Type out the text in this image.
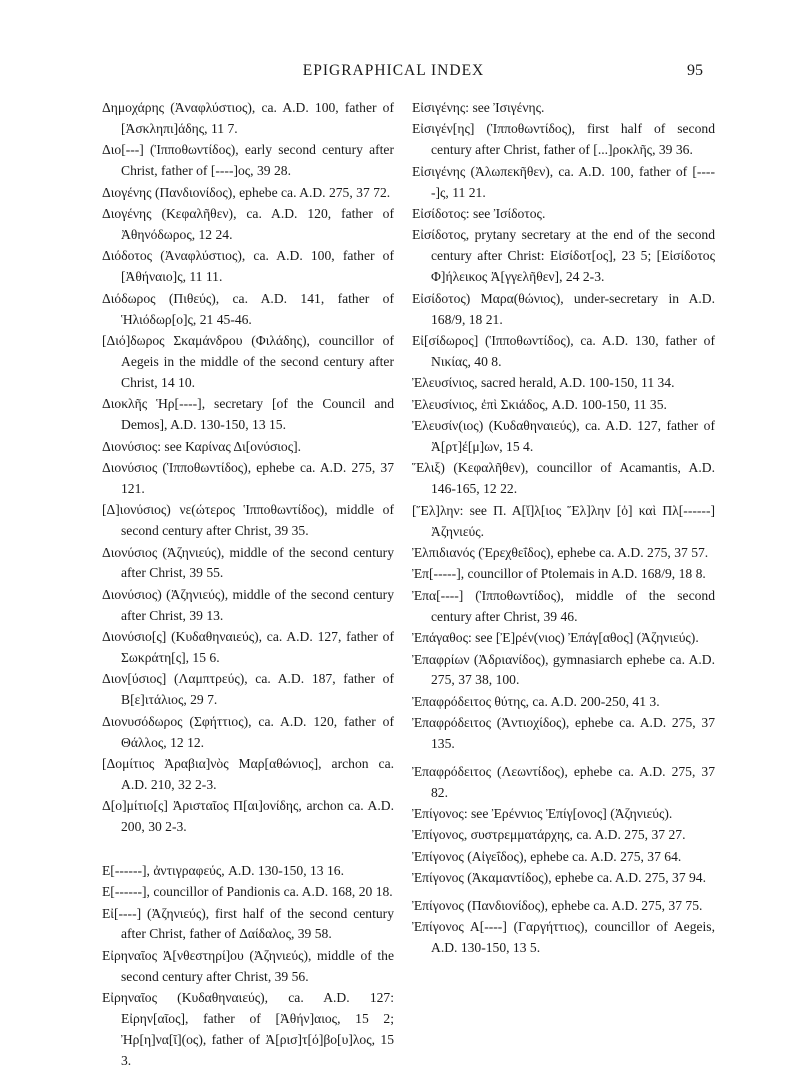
EPIGRAPHICAL INDEX	95

Δημοχάρης (Ἀναφλύστιος), ca. A.D. 100, father of [Ἀσκληπι]άδης, 11 7.

Διο[---] (Ἱπποθωντίδος), early second century after Christ, father of [----]ος, 39 28.

Διογένης (Πανδιονίδος), ephebe ca. A.D. 275, 37 72.

Διογένης (Κεφαλῆθεν), ca. A.D. 120, father of Ἀθηνόδωρος, 12 24.

Διόδοτος (Ἀναφλύστιος), ca. A.D. 100, father of [Ἀθήναιο]ς, 11 11.

Διόδωρος (Πιθεύς), ca. A.D. 141, father of Ἡλιόδωρ[ο]ς, 21 45-46.

[Διό]δωρος Σκαμάνδρου (Φιλάδης), councillor of Aegeis in the middle of the second century after Christ, 14 10.

Διοκλῆς Ἡρ[----], secretary [of the Council and Demos], A.D. 130-150, 13 15.

Διονύσιος: see Καρίνας Δι[ονύσιος].

Διονύσιος (Ἱπποθωντίδος), ephebe ca. A.D. 275, 37 121.

[Δ]ιονύσιος) νε(ώτερος Ἱπποθωντίδος), middle of second century after Christ, 39 35.

Διονύσιος (Ἀζηνιεύς), middle of the second century after Christ, 39 55.

Διονύσιος) (Ἀζηνιεύς), middle of the second century after Christ, 39 13.

Διονύσιο[ς] (Κυδαθηναιεύς), ca. A.D. 127, father of Σωκράτη[ς], 15 6.

Διον[ύσιος] (Λαμπτρεύς), ca. A.D. 187, father of Β[ε]ιτάλιος, 29 7.

Διονυσόδωρος (Σφήττιος), ca. A.D. 120, father of Θάλλος, 12 12.

[Δομίτιος Ἀραβια]νὸς Μαρ[αθώνιος], archon ca. A.D. 210, 32 2-3.

Δ[ο]μίτιο[ς] Ἀρισταῖος Π[αι]ονίδης, archon ca. A.D. 200, 30 2-3.

Ε[------], ἀντιγραφεύς, A.D. 130-150, 13 16.

Ε[------], councillor of Pandionis ca. A.D. 168, 20 18.

Εἰ[----] (Ἀζηνιεύς), first half of the second century after Christ, father of Δαίδαλος, 39 58.

Εἰρηναῖος Ἀ[νθεστηρί]ου (Ἀζηνιεύς), middle of the second century after Christ, 39 56.

Εἰρηναῖος (Κυδαθηναιεύς), ca. A.D. 127: Εἰρην[αῖος], father of [Ἀθήν]αιος, 15 2; Ἠρ[η]να[ῖ](ος), father of Ἀ[ρισ]τ[ό]βο[υ]λος, 15 3.

Εἰσιγένης: see Ἰσιγένης.

Εἰσιγέν[ης] (Ἱπποθωντίδος), first half of second century after Christ, father of [...]ροκλῆς, 39 36.

Εἰσιγένης (Ἀλωπεκῆθεν), ca. A.D. 100, father of [-----]ς, 11 21.

Εἰσίδοτος: see Ἰσίδοτος.

Εἰσίδοτος, prytany secretary at the end of the second century after Christ: Εἰσίδοτ[ος], 23 5; [Εἰσίδοτος Φ]ήλεικος Ἀ[γγελῆθεν], 24 2-3.

Εἰσίδοτος) Μαρα(θώνιος), under-secretary in A.D. 168/9, 18 21.

Εἰ[σίδωρος] (Ἱπποθωντίδος), ca. A.D. 130, father of Νικίας, 40 8.

Ἐλευσίνιος, sacred herald, A.D. 100-150, 11 34.

Ἐλευσίνιος, ἐπὶ Σκιάδος, A.D. 100-150, 11 35.

Ἐλευσίν(ιος) (Κυδαθηναιεύς), ca. A.D. 127, father of Ἀ[ρτ]έ[μ]ων, 15 4.

Ἕλιξ) (Κεφαλῆθεν), councillor of Acamantis, A.D. 146-165, 12 22.

[Ἕλ]λην: see Π. Α[ἴ]λ[ιος Ἕλ]λην [ὁ] καὶ Πλ[------] Ἀζηνιεύς.

Ἐλπιδιανός (Ἐρεχθεΐδος), ephebe ca. A.D. 275, 37 57.

Ἐπ[-----], councillor of Ptolemais in A.D. 168/9, 18 8.

Ἐπα[----] (Ἱπποθωντίδος), middle of the second century after Christ, 39 46.

Ἐπάγαθος: see [Ἐ]ρέν(νιος) Ἐπάγ[αθος] (Ἀζηνιεύς).

Ἐπαφρίων (Ἀδριανίδος), gymnasiarch ephebe ca. A.D. 275, 37 38, 100.

Ἐπαφρόδειτος θύτης, ca. A.D. 200-250, 41 3.

Ἐπαφρόδειτος (Ἀντιοχίδος), ephebe ca. A.D. 275, 37 135.

Ἐπαφρόδειτος (Λεωντίδος), ephebe ca. A.D. 275, 37 82.

Ἐπίγονος: see Ἐρέννιος Ἐπίγ[ονος] (Ἀζηνιεύς).

Ἐπίγονος, συστρεμματάρχης, ca. A.D. 275, 37 27.

Ἐπίγονος (Αἰγεΐδος), ephebe ca. A.D. 275, 37 64.

Ἐπίγονος (Ἀκαμαντίδος), ephebe ca. A.D. 275, 37 94.

Ἐπίγονος (Πανδιονίδος), ephebe ca. A.D. 275, 37 75.

Ἐπίγονος Α[----] (Γαργήττιος), councillor of Aegeis, A.D. 130-150, 13 5.
